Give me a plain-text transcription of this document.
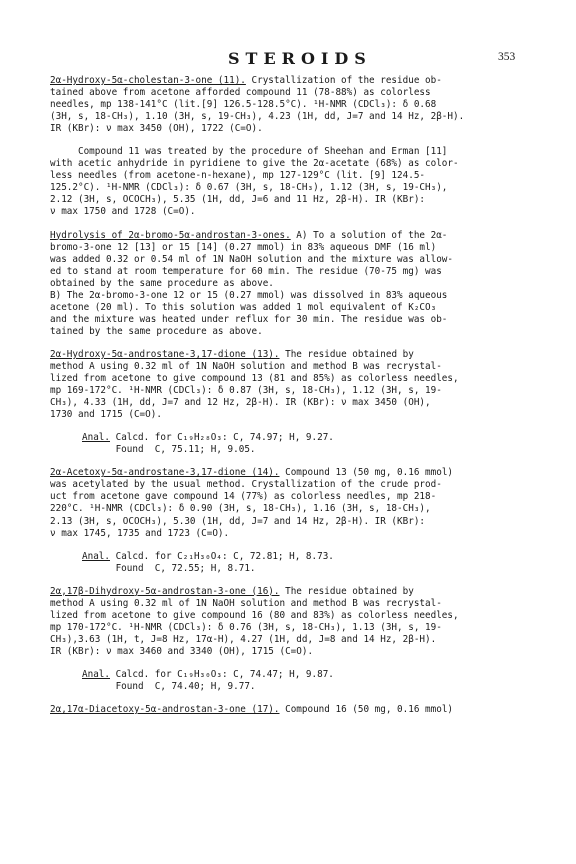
STEROIDS	353

2α-Hydroxy-5α-cholestan-3-one (11). Crystallization of the residue ob-
tained above from acetone afforded compound 11 (78-88%) as colorless
needles, mp 138-141°C (lit.[9] 126.5-128.5°C). ¹H-NMR (CDCl₃): δ 0.68
(3H, s, 18-CH₃), 1.10 (3H, s, 19-CH₃), 4.23 (1H, dd, J=7 and 14 Hz, 2β-H).
IR (KBr): ν max 3450 (OH), 1722 (C=O).

Compound 11 was treated by the procedure of Sheehan and Erman [11]
with acetic anhydride in pyridiene to give the 2α-acetate (68%) as color-
less needles (from acetone-n-hexane), mp 127-129°C (lit. [9] 124.5-
125.2°C). ¹H-NMR (CDCl₃): δ 0.67 (3H, s, 18-CH₃), 1.12 (3H, s, 19-CH₃),
2.12 (3H, s, OCOCH₃), 5.35 (1H, dd, J=6 and 11 Hz, 2β-H). IR (KBr):
ν max 1750 and 1728 (C=O).

Hydrolysis of 2α-bromo-5α-androstan-3-ones. A) To a solution of the 2α-
bromo-3-one 12 [13] or 15 [14] (0.27 mmol) in 83% aqueous DMF (16 ml)
was added 0.32 or 0.54 ml of 1N NaOH solution and the mixture was allow-
ed to stand at room temperature for 60 min. The residue (70-75 mg) was
obtained by the same procedure as above.
B) The 2α-bromo-3-one 12 or 15 (0.27 mmol) was dissolved in 83% aqueous
acetone (20 ml). To this solution was added 1 mol equivalent of K₂CO₃
and the mixture was heated under reflux for 30 min. The residue was ob-
tained by the same procedure as above.

2α-Hydroxy-5α-androstane-3,17-dione (13). The residue obtained by
method A using 0.32 ml of 1N NaOH solution and method B was recrystal-
lized from acetone to give compound 13 (81 and 85%) as colorless needles,
mp 169-172°C. ¹H-NMR (CDCl₃): δ 0.87 (3H, s, 18-CH₃), 1.12 (3H, s, 19-
CH₃), 4.33 (1H, dd, J=7 and 12 Hz, 2β-H). IR (KBr): ν max 3450 (OH),
1730 and 1715 (C=O).

Anal. Calcd. for C₁₉H₂₈O₃: C, 74.97; H, 9.27.
Found  C, 75.11; H, 9.05.

2α-Acetoxy-5α-androstane-3,17-dione (14). Compound 13 (50 mg, 0.16 mmol)
was acetylated by the usual method. Crystallization of the crude prod-
uct from acetone gave compound 14 (77%) as colorless needles, mp 218-
220°C. ¹H-NMR (CDCl₃): δ 0.90 (3H, s, 18-CH₃), 1.16 (3H, s, 18-CH₃),
2.13 (3H, s, OCOCH₃), 5.30 (1H, dd, J=7 and 14 Hz, 2β-H). IR (KBr):
ν max 1745, 1735 and 1723 (C=O).

Anal. Calcd. for C₂₁H₃₀O₄: C, 72.81; H, 8.73.
Found  C, 72.55; H, 8.71.

2α,17β-Dihydroxy-5α-androstan-3-one (16). The residue obtained by
method A using 0.32 ml of 1N NaOH solution and method B was recrystal-
lized from acetone to give compound 16 (80 and 83%) as colorless needles,
mp 170-172°C. ¹H-NMR (CDCl₃): δ 0.76 (3H, s, 18-CH₃), 1.13 (3H, s, 19-
CH₃),3.63 (1H, t, J=8 Hz, 17α-H), 4.27 (1H, dd, J=8 and 14 Hz, 2β-H).
IR (KBr): ν max 3460 and 3340 (OH), 1715 (C=O).

Anal. Calcd. for C₁₉H₃₀O₃: C, 74.47; H, 9.87.
Found  C, 74.40; H, 9.77.

2α,17α-Diacetoxy-5α-androstan-3-one (17). Compound 16 (50 mg, 0.16 mmol)
